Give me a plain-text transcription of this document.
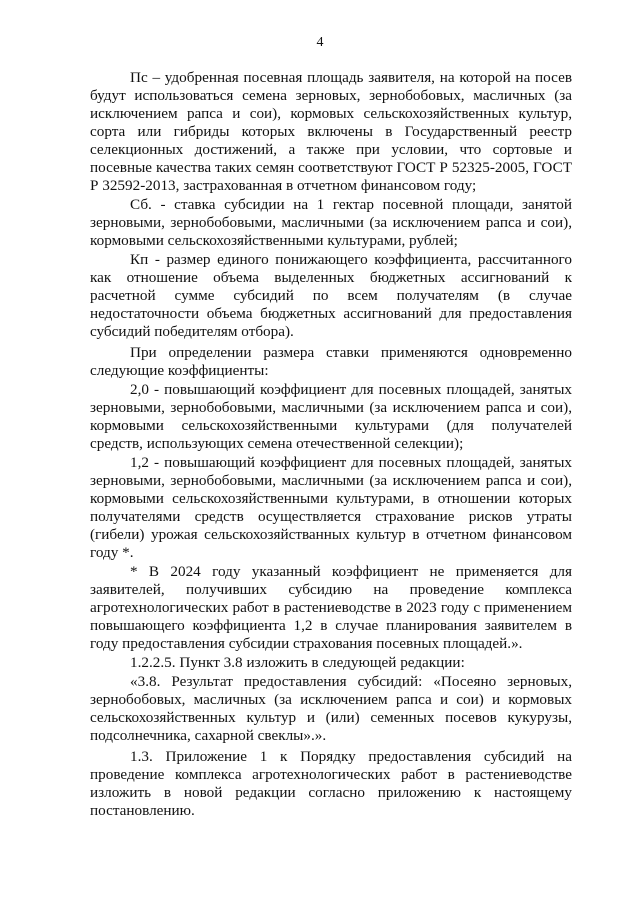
4

Пс – удобренная посевная площадь заявителя, на которой на посев будут использоваться семена зерновых, зернобобовых, масличных (за исключением рапса и сои), кормовых сельскохозяйственных культур, сорта или гибриды которых включены в Государственный реестр селекционных достижений, а также при условии, что сортовые и посевные качества таких семян соответствуют ГОСТ Р 52325-2005, ГОСТ Р 32592-2013, застрахованная в отчетном финансовом году;

Сб. - ставка субсидии на 1 гектар посевной площади, занятой зерновыми, зернобобовыми, масличными (за исключением рапса и сои), кормовыми сельскохозяйственными культурами, рублей;

Кп - размер единого понижающего коэффициента, рассчитанного как отношение объема выделенных бюджетных ассигнований к расчетной сумме субсидий по всем получателям (в случае недостаточности объема бюджетных ассигнований для предоставления субсидий победителям отбора).

При определении размера ставки применяются одновременно следующие коэффициенты:

2,0 - повышающий коэффициент для посевных площадей, занятых зерновыми, зернобобовыми, масличными (за исключением рапса и сои), кормовыми сельскохозяйственными культурами (для получателей средств, использующих семена отечественной селекции);

1,2 - повышающий коэффициент для посевных площадей, занятых зерновыми, зернобобовыми, масличными (за исключением рапса и сои), кормовыми сельскохозяйственными культурами, в отношении которых получателями средств осуществляется страхование рисков утраты (гибели) урожая сельскохозяйстванных культур в отчетном финансовом году *.

* В 2024 году указанный коэффициент не применяется для заявителей, получивших субсидию на проведение комплекса агротехнологических работ в растениеводстве в 2023 году с применением повышающего коэффициента 1,2 в случае планирования заявителем в году предоставления субсидии страхования посевных площадей.».

1.2.2.5. Пункт 3.8 изложить в следующей редакции:

«3.8. Результат предоставления субсидий: «Посеяно зерновых, зернобобовых, масличных (за исключением рапса и сои) и кормовых сельскохозяйственных культур и (или) семенных посевов кукурузы, подсолнечника, сахарной свеклы».».

1.3. Приложение 1 к Порядку предоставления субсидий на проведение комплекса агротехнологических работ в растениеводстве изложить в новой редакции согласно приложению к настоящему постановлению.
